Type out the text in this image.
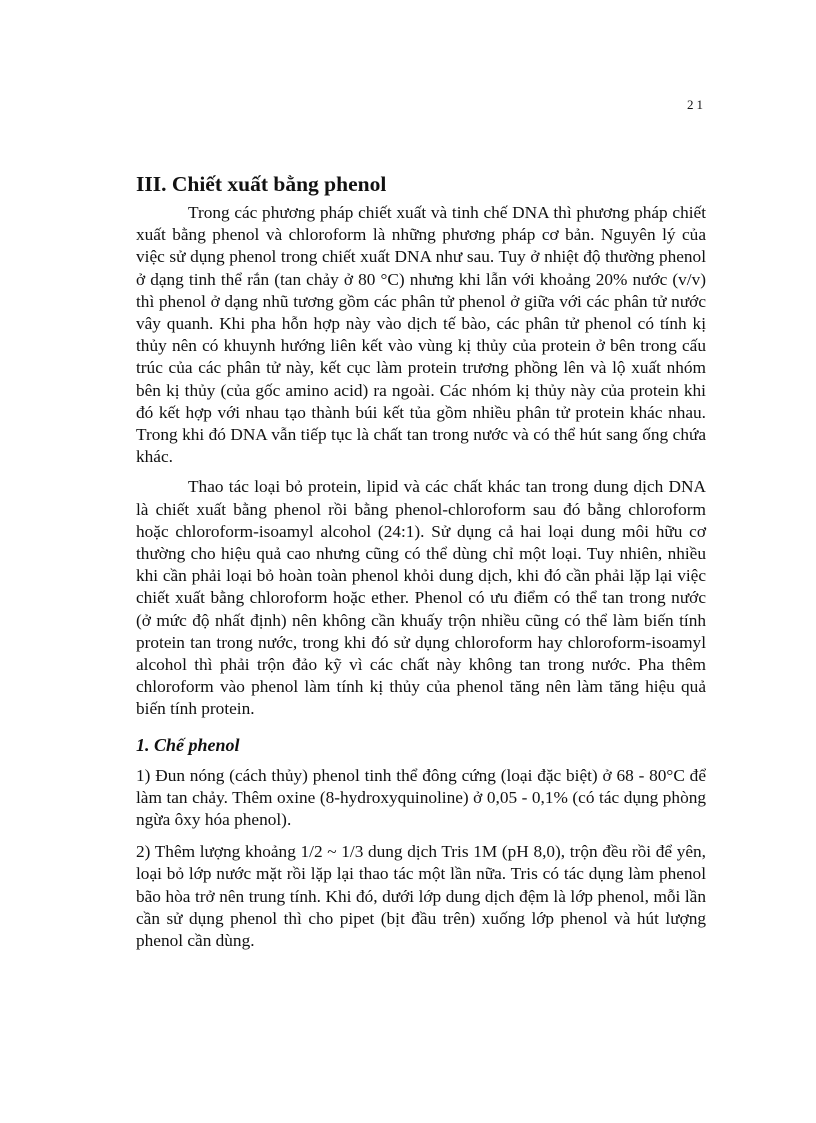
21
III. Chiết xuất bằng phenol

Trong các phương pháp chiết xuất và tinh chế DNA thì phương pháp chiết xuất bằng phenol và chloroform là những phương pháp cơ bản. Nguyên lý của việc sử dụng phenol trong chiết xuất DNA như sau. Tuy ở nhiệt độ thường phenol ở dạng tinh thể rắn (tan chảy ở 80 °C) nhưng khi lẫn với khoảng 20% nước (v/v) thì phenol ở dạng nhũ tương gồm các phân tử phenol ở giữa với các phân tử nước vây quanh. Khi pha hỗn hợp này vào dịch tế bào, các phân tử phenol có tính kị thủy nên có khuynh hướng liên kết vào vùng kị thủy của protein ở bên trong cấu trúc của các phân tử này, kết cục làm protein trương phồng lên và lộ xuất nhóm bên kị thủy (của gốc amino acid) ra ngoài. Các nhóm kị thủy này của protein khi đó kết hợp với nhau tạo thành búi kết tủa gồm nhiều phân tử protein khác nhau. Trong khi đó DNA vẫn tiếp tục là chất tan trong nước và có thể hút sang ống chứa khác.

Thao tác loại bỏ protein, lipid và các chất khác tan trong dung dịch DNA là chiết xuất bằng phenol rồi bằng phenol-chloroform sau đó bằng chloroform hoặc chloroform-isoamyl alcohol (24:1). Sử dụng cả hai loại dung môi hữu cơ thường cho hiệu quả cao nhưng cũng có thể dùng chỉ một loại. Tuy nhiên, nhiều khi cần phải loại bỏ hoàn toàn phenol khỏi dung dịch, khi đó cần phải lặp lại việc chiết xuất bằng chloroform hoặc ether. Phenol có ưu điểm có thể tan trong nước (ở mức độ nhất định) nên không cần khuấy trộn nhiều cũng có thể làm biến tính protein tan trong nước, trong khi đó sử dụng chloroform hay chloroform-isoamyl alcohol thì phải trộn đảo kỹ vì các chất này không tan trong nước. Pha thêm chloroform vào phenol làm tính kị thủy của phenol tăng nên làm tăng hiệu quả biến tính protein.

1. Chế phenol

1) Đun nóng (cách thủy) phenol tinh thể đông cứng (loại đặc biệt) ở 68 - 80°C để làm tan chảy. Thêm oxine (8-hydroxyquinoline) ở 0,05 - 0,1% (có tác dụng phòng ngừa ôxy hóa phenol).

2) Thêm lượng khoảng 1/2 ~ 1/3 dung dịch Tris 1M (pH 8,0), trộn đều rồi để yên, loại bỏ lớp nước mặt rồi lặp lại thao tác một lần nữa. Tris có tác dụng làm phenol bão hòa trở nên trung tính. Khi đó, dưới lớp dung dịch đệm là lớp phenol, mỗi lần cần sử dụng phenol thì cho pipet (bịt đầu trên) xuống lớp phenol và hút lượng phenol cần dùng.
